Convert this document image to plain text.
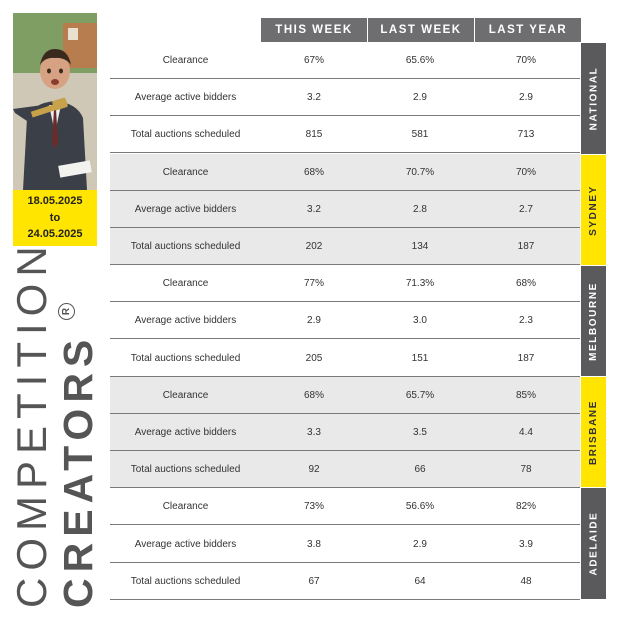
18.05.2025
to
24.05.2025
COMPETITION CREATORS
R
THIS WEEK	LAST WEEK	LAST YEAR
Clearance	67%	65.6%	70%
Average active bidders	3.2	2.9	2.9
Total auctions scheduled	815	581	713
Clearance	68%	70.7%	70%
Average active bidders	3.2	2.8	2.7
Total auctions scheduled	202	134	187
Clearance	77%	71.3%	68%
Average active bidders	2.9	3.0	2.3
Total auctions scheduled	205	151	187
Clearance	68%	65.7%	85%
Average active bidders	3.3	3.5	4.4
Total auctions scheduled	92	66	78
Clearance	73%	56.6%	82%
Average active bidders	3.8	2.9	3.9
Total auctions scheduled	67	64	48
NATIONAL
SYDNEY
MELBOURNE
BRISBANE
ADELAIDE
